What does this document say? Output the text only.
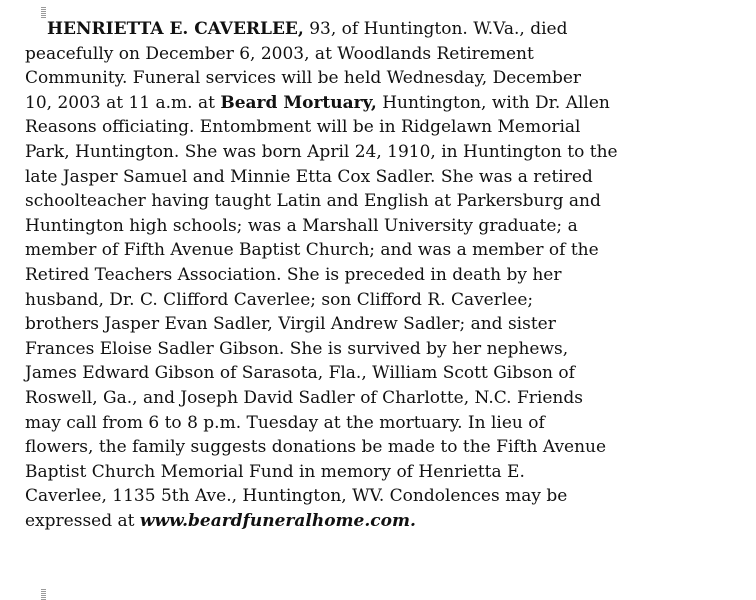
HENRIETTA E. CAVERLEE, 93, of Huntington. W.Va., died
peacefully on December 6, 2003, at Woodlands Retirement
Community. Funeral services will be held Wednesday, December
10, 2003 at 11 a.m. at Beard Mortuary, Huntington, with Dr. Allen
Reasons officiating. Entombment will be in Ridgelawn Memorial
Park, Huntington. She was born April 24, 1910, in Huntington to the
late Jasper Samuel and Minnie Etta Cox Sadler. She was a retired
schoolteacher having taught Latin and English at Parkersburg and
Huntington high schools; was a Marshall University graduate; a
member of Fifth Avenue Baptist Church; and was a member of the
Retired Teachers Association. She is preceded in death by her
husband, Dr. C. Clifford Caverlee; son Clifford R. Caverlee;
brothers Jasper Evan Sadler, Virgil Andrew Sadler; and sister
Frances Eloise Sadler Gibson. She is survived by her nephews,
James Edward Gibson of Sarasota, Fla., William Scott Gibson of
Roswell, Ga., and Joseph David Sadler of Charlotte, N.C. Friends
may call from 6 to 8 p.m. Tuesday at the mortuary. In lieu of
flowers, the family suggests donations be made to the Fifth Avenue
Baptist Church Memorial Fund in memory of Henrietta E.
Caverlee, 1135 5th Ave., Huntington, WV. Condolences may be
expressed at www.beardfuneralhome.com.
